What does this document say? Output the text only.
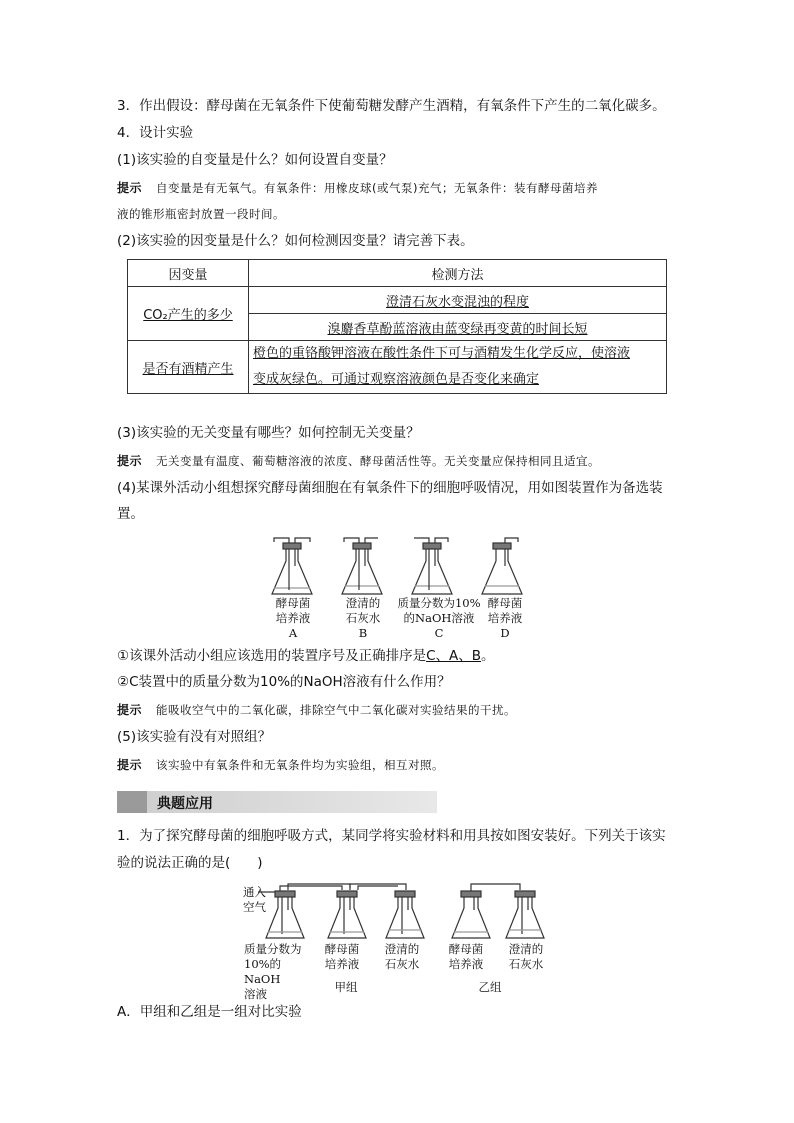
3．作出假设：酵母菌在无氧条件下使葡萄糖发酵产生酒精，有氧条件下产生的二氧化碳多。
4．设计实验
(1)该实验的自变量是什么？如何设置自变量？
提示 自变量是有无氧气。有氧条件：用橡皮球(或气泵)充气；无氧条件：装有酵母菌培养
液的锥形瓶密封放置一段时间。
(2)该实验的因变量是什么？如何检测因变量？请完善下表。
因变量	检测方法
CO₂产生的多少	澄清石灰水变混浊的程度
	溴麝香草酚蓝溶液由蓝变绿再变黄的时间长短
是否有酒精产生	橙色的重铬酸钾溶液在酸性条件下可与酒精发生化学反应，使溶液
变成灰绿色。可通过观察溶液颜色是否变化来确定
(3)该实验的无关变量有哪些？如何控制无关变量？
提示 无关变量有温度、葡萄糖溶液的浓度、酵母菌活性等。无关变量应保持相同且适宜。
(4)某课外活动小组想探究酵母菌细胞在有氧条件下的细胞呼吸情况，用如图装置作为备选装
置。
酵母菌
培养液
A
澄清的
石灰水
B
质量分数为10%
的NaOH溶液
C
酵母菌
培养液
D
①该课外活动小组应该选用的装置序号及正确排序是C、A、B。
②C装置中的质量分数为10%的NaOH溶液有什么作用？
提示 能吸收空气中的二氧化碳，排除空气中二氧化碳对实验结果的干扰。
(5)该实验有没有对照组？
提示 该实验中有氧条件和无氧条件均为实验组，相互对照。
典题应用
1．为了探究酵母菌的细胞呼吸方式，某同学将实验材料和用具按如图安装好。下列关于该实
验的说法正确的是(　　)
通入
空气
质量分数为
10%的NaOH
溶液
酵母菌
培养液
澄清的
石灰水
酵母菌
培养液
澄清的
石灰水
甲组	乙组
A．甲组和乙组是一组对比实验
